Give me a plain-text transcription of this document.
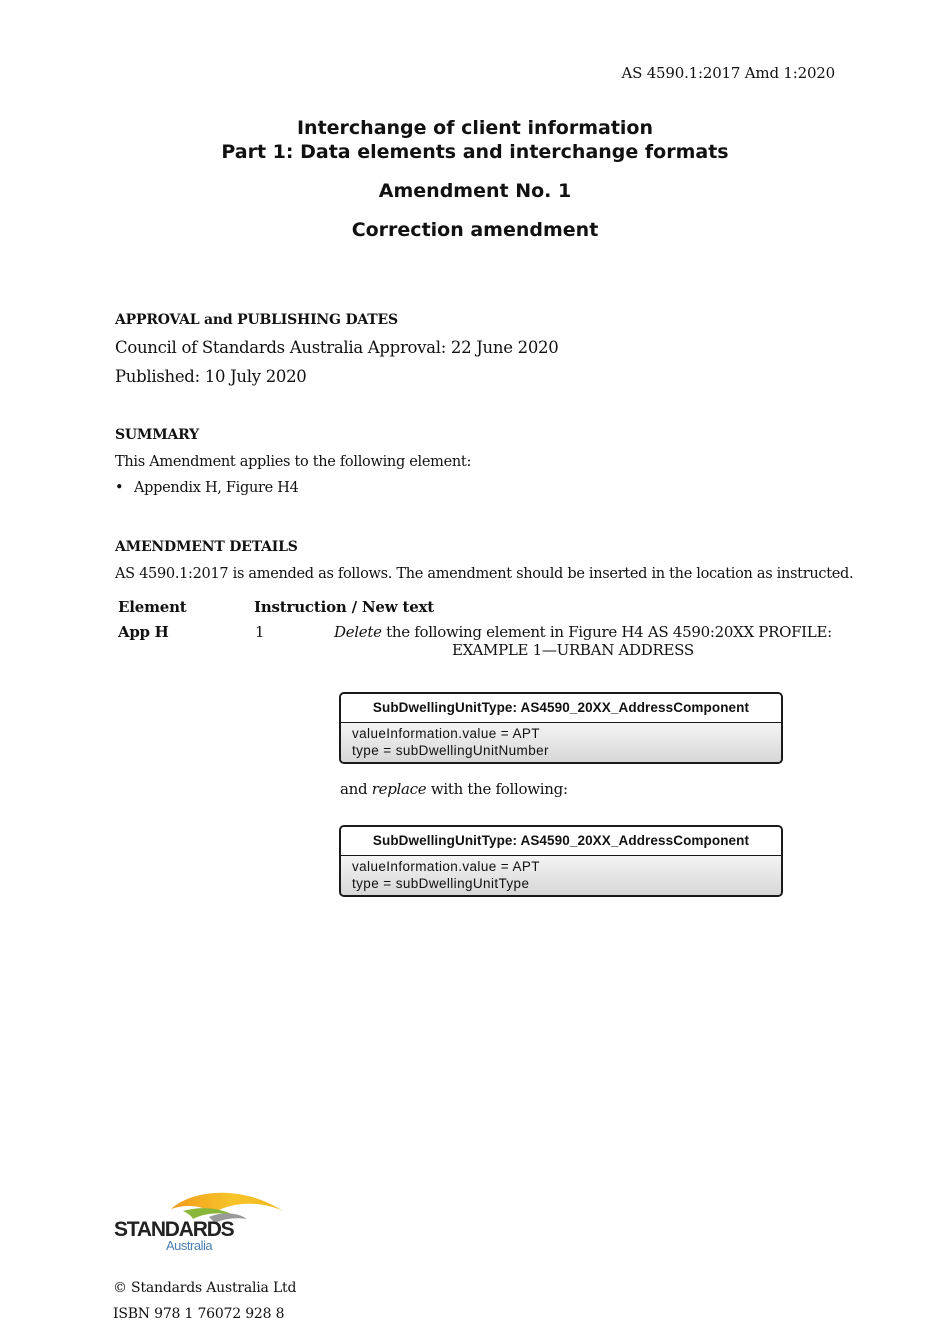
AS 4590.1:2017 Amd 1:2020
Interchange of client information
Part 1: Data elements and interchange formats
Amendment No. 1
Correction amendment
APPROVAL and PUBLISHING DATES
Council of Standards Australia Approval: 22 June 2020
Published: 10 July 2020
SUMMARY
This Amendment applies to the following element:
• Appendix H, Figure H4
AMENDMENT DETAILS
AS 4590.1:2017 is amended as follows. The amendment should be inserted in the location as instructed.
Element	Instruction / New text
App H	1	Delete the following element in Figure H4 AS 4590:20XX PROFILE:
EXAMPLE 1—URBAN ADDRESS
SubDwellingUnitType: AS4590_20XX_AddressComponent
valueInformation.value = APT
type = subDwellingUnitNumber
and replace with the following:
SubDwellingUnitType: AS4590_20XX_AddressComponent
valueInformation.value = APT
type = subDwellingUnitType
STANDARDS
Australia
© Standards Australia Ltd
ISBN 978 1 76072 928 8
